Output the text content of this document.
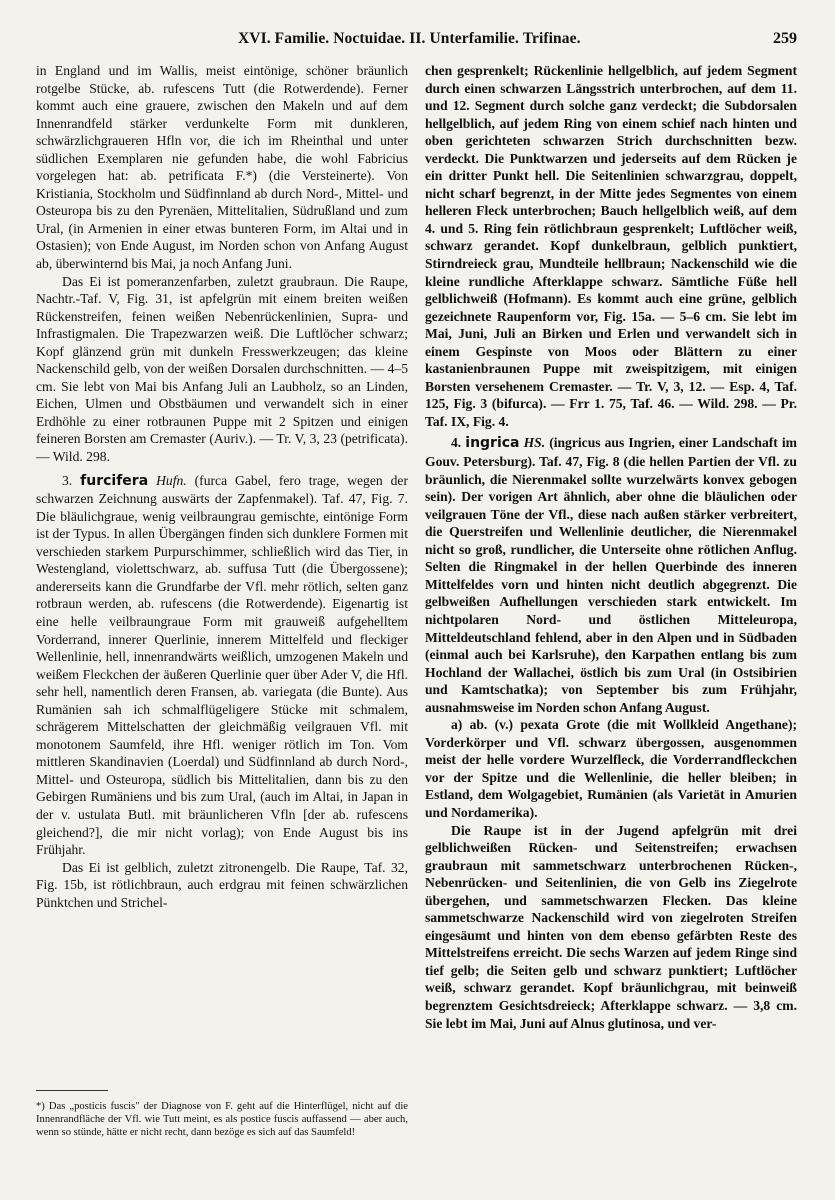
XVI. Familie. Noctuidae. II. Unterfamilie. Trifinae.	259

in England und im Wallis, meist eintönige, schöner bräunlich rotgelbe Stücke, ab. rufescens Tutt (die Rotwerdende). Ferner kommt auch eine grauere, zwischen den Makeln und auf dem Innenrandfeld stärker verdunkelte Form mit dunkleren, schwärzlichgraueren Hfln vor, die ich im Rheinthal und unter südlichen Exemplaren nie gefunden habe, die wohl Fabricius vorgelegen hat: ab. petrificata F.*) (die Versteinerte). Von Kristiania, Stockholm und Südfinnland ab durch Nord-, Mittel- und Osteuropa bis zu den Pyrenäen, Mittelitalien, Südrußland und zum Ural, (in Armenien in einer etwas bunteren Form, im Altai und in Ostasien); von Ende August, im Norden schon von Anfang August ab, überwinternd bis Mai, ja noch Anfang Juni.

Das Ei ist pomeranzenfarben, zuletzt graubraun. Die Raupe, Nachtr.-Taf. V, Fig. 31, ist apfelgrün mit einem breiten weißen Rückenstreifen, feinen weißen Nebenrückenlinien, Supra- und Infrastigmalen. Die Trapezwarzen weiß. Die Luftlöcher schwarz; Kopf glänzend grün mit dunkeln Fresswerkzeugen; das kleine Nackenschild gelb, von der weißen Dorsalen durchschnitten. — 4–5 cm. Sie lebt von Mai bis Anfang Juli an Laubholz, so an Linden, Eichen, Ulmen und Obstbäumen und verwandelt sich in einer Erdhöhle zu einer rotbraunen Puppe mit 2 Spitzen und einigen feineren Borsten am Cremaster (Auriv.). — Tr. V, 3, 23 (petrificata). — Wild. 298.

3. furcifera Hufn. (furca Gabel, fero trage, wegen der schwarzen Zeichnung auswärts der Zapfenmakel). Taf. 47, Fig. 7. Die bläulichgraue, wenig veilbraungrau gemischte, eintönige Form ist der Typus. In allen Übergängen finden sich dunklere Formen mit verschieden starkem Purpurschimmer, schließlich wird das Tier, in Westengland, violettschwarz, ab. suffusa Tutt (die Übergossene); andererseits kann die Grundfarbe der Vfl. mehr rötlich, selten ganz rotbraun werden, ab. rufescens (die Rotwerdende). Eigenartig ist eine helle veilbraungraue Form mit grauweiß aufgehelltem Vorderrand, innerer Querlinie, innerem Mittelfeld und fleckiger Wellenlinie, hell, innenrandwärts weißlich, umzogenen Makeln und weißem Fleckchen der äußeren Querlinie quer über Ader V, die Hfl. sehr hell, namentlich deren Fransen, ab. variegata (die Bunte). Aus Rumänien sah ich schmalflügeligere Stücke mit schmalem, schrägerem Mittelschatten der gleichmäßig veilgrauen Vfl. mit monotonem Saumfeld, ihre Hfl. weniger rötlich im Ton. Vom mittleren Skandinavien (Loerdal) und Südfinnland ab durch Nord-, Mittel- und Osteuropa, südlich bis Mittelitalien, dann bis zu den Gebirgen Rumäniens und bis zum Ural, (auch im Altai, in Japan in der v. ustulata Butl. mit bräunlicheren Vfln [der ab. rufescens gleichend?], die mir nicht vorlag); von Ende August bis ins Frühjahr.

Das Ei ist gelblich, zuletzt zitronengelb. Die Raupe, Taf. 32, Fig. 15b, ist rötlichbraun, auch erdgrau mit feinen schwärzlichen Pünktchen und Strichel-

*) Das „posticis fuscis" der Diagnose von F. geht auf die Hinterflügel, nicht auf die Innenrandfläche der Vfl. wie Tutt meint, es als postice fuscis auffassend — aber auch, wenn so stünde, hätte er nicht recht, dann bezöge es sich auf das Saumfeld!

chen gesprenkelt; Rückenlinie hellgelblich, auf jedem Segment durch einen schwarzen Längsstrich unterbrochen, auf dem 11. und 12. Segment durch solche ganz verdeckt; die Subdorsalen hellgelblich, auf jedem Ring von einem schief nach hinten und oben gerichteten schwarzen Strich durchschnitten bezw. verdeckt. Die Punktwarzen und jederseits auf dem Rücken je ein dritter Punkt hell. Die Seitenlinien schwarzgrau, doppelt, nicht scharf begrenzt, in der Mitte jedes Segmentes von einem helleren Fleck unterbrochen; Bauch hellgelblich weiß, auf dem 4. und 5. Ring fein rötlichbraun gesprenkelt; Luftlöcher weiß, schwarz gerandet. Kopf dunkelbraun, gelblich punktiert, Stirndreieck grau, Mundteile hellbraun; Nackenschild wie die kleine rundliche Afterklappe schwarz. Sämtliche Füße hell gelblichweiß (Hofmann). Es kommt auch eine grüne, gelblich gezeichnete Raupenform vor, Fig. 15a. — 5–6 cm. Sie lebt im Mai, Juni, Juli an Birken und Erlen und verwandelt sich in einem Gespinste von Moos oder Blättern zu einer kastanienbraunen Puppe mit zweispitzigem, mit einigen Borsten versehenem Cremaster. — Tr. V, 3, 12. — Esp. 4, Taf. 125, Fig. 3 (bifurca). — Frr 1. 75, Taf. 46. — Wild. 298. — Pr. Taf. IX, Fig. 4.

4. ingrica HS. (ingricus aus Ingrien, einer Landschaft im Gouv. Petersburg). Taf. 47, Fig. 8 (die hellen Partien der Vfl. zu bräunlich, die Nierenmakel sollte wurzelwärts konvex gebogen sein). Der vorigen Art ähnlich, aber ohne die bläulichen oder veilgrauen Töne der Vfl., diese nach außen stärker verbreitert, die Querstreifen und Wellenlinie deutlicher, die Nierenmakel nicht so groß, rundlicher, die Unterseite ohne rötlichen Anflug. Selten die Ringmakel in der hellen Querbinde des inneren Mittelfeldes vorn und hinten nicht deutlich abgegrenzt. Die gelbweißen Aufhellungen verschieden stark entwickelt. Im nichtpolaren Nord- und östlichen Mitteleuropa, Mitteldeutschland fehlend, aber in den Alpen und in Südbaden (einmal auch bei Karlsruhe), den Karpathen entlang bis zum Hochland der Wallachei, östlich bis zum Ural (in Ostsibirien und Kamtschatka); von September bis zum Frühjahr, ausnahmsweise im Norden schon Anfang August.

a) ab. (v.) pexata Grote (die mit Wollkleid Angethane); Vorderkörper und Vfl. schwarz übergossen, ausgenommen meist der helle vordere Wurzelfleck, die Vorderrandfleckchen vor der Spitze und die Wellenlinie, die heller bleiben; in Estland, dem Wolgagebiet, Rumänien (als Varietät in Amurien und Nordamerika).

Die Raupe ist in der Jugend apfelgrün mit drei gelblichweißen Rücken- und Seitenstreifen; erwachsen graubraun mit sammetschwarz unterbrochenen Rücken-, Nebenrücken- und Seitenlinien, die von Gelb ins Ziegelrote übergehen, und sammetschwarzen Flecken. Das kleine sammetschwarze Nackenschild wird von ziegelroten Streifen eingesäumt und hinten von dem ebenso gefärbten Reste des Mittelstreifens erreicht. Die sechs Warzen auf jedem Ringe sind tief gelb; die Seiten gelb und schwarz punktiert; Luftlöcher weiß, schwarz gerandet. Kopf bräunlichgrau, mit beinweiß begrenztem Gesichtsdreieck; Afterklappe schwarz. — 3,8 cm. Sie lebt im Mai, Juni auf Alnus glutinosa, und ver-
